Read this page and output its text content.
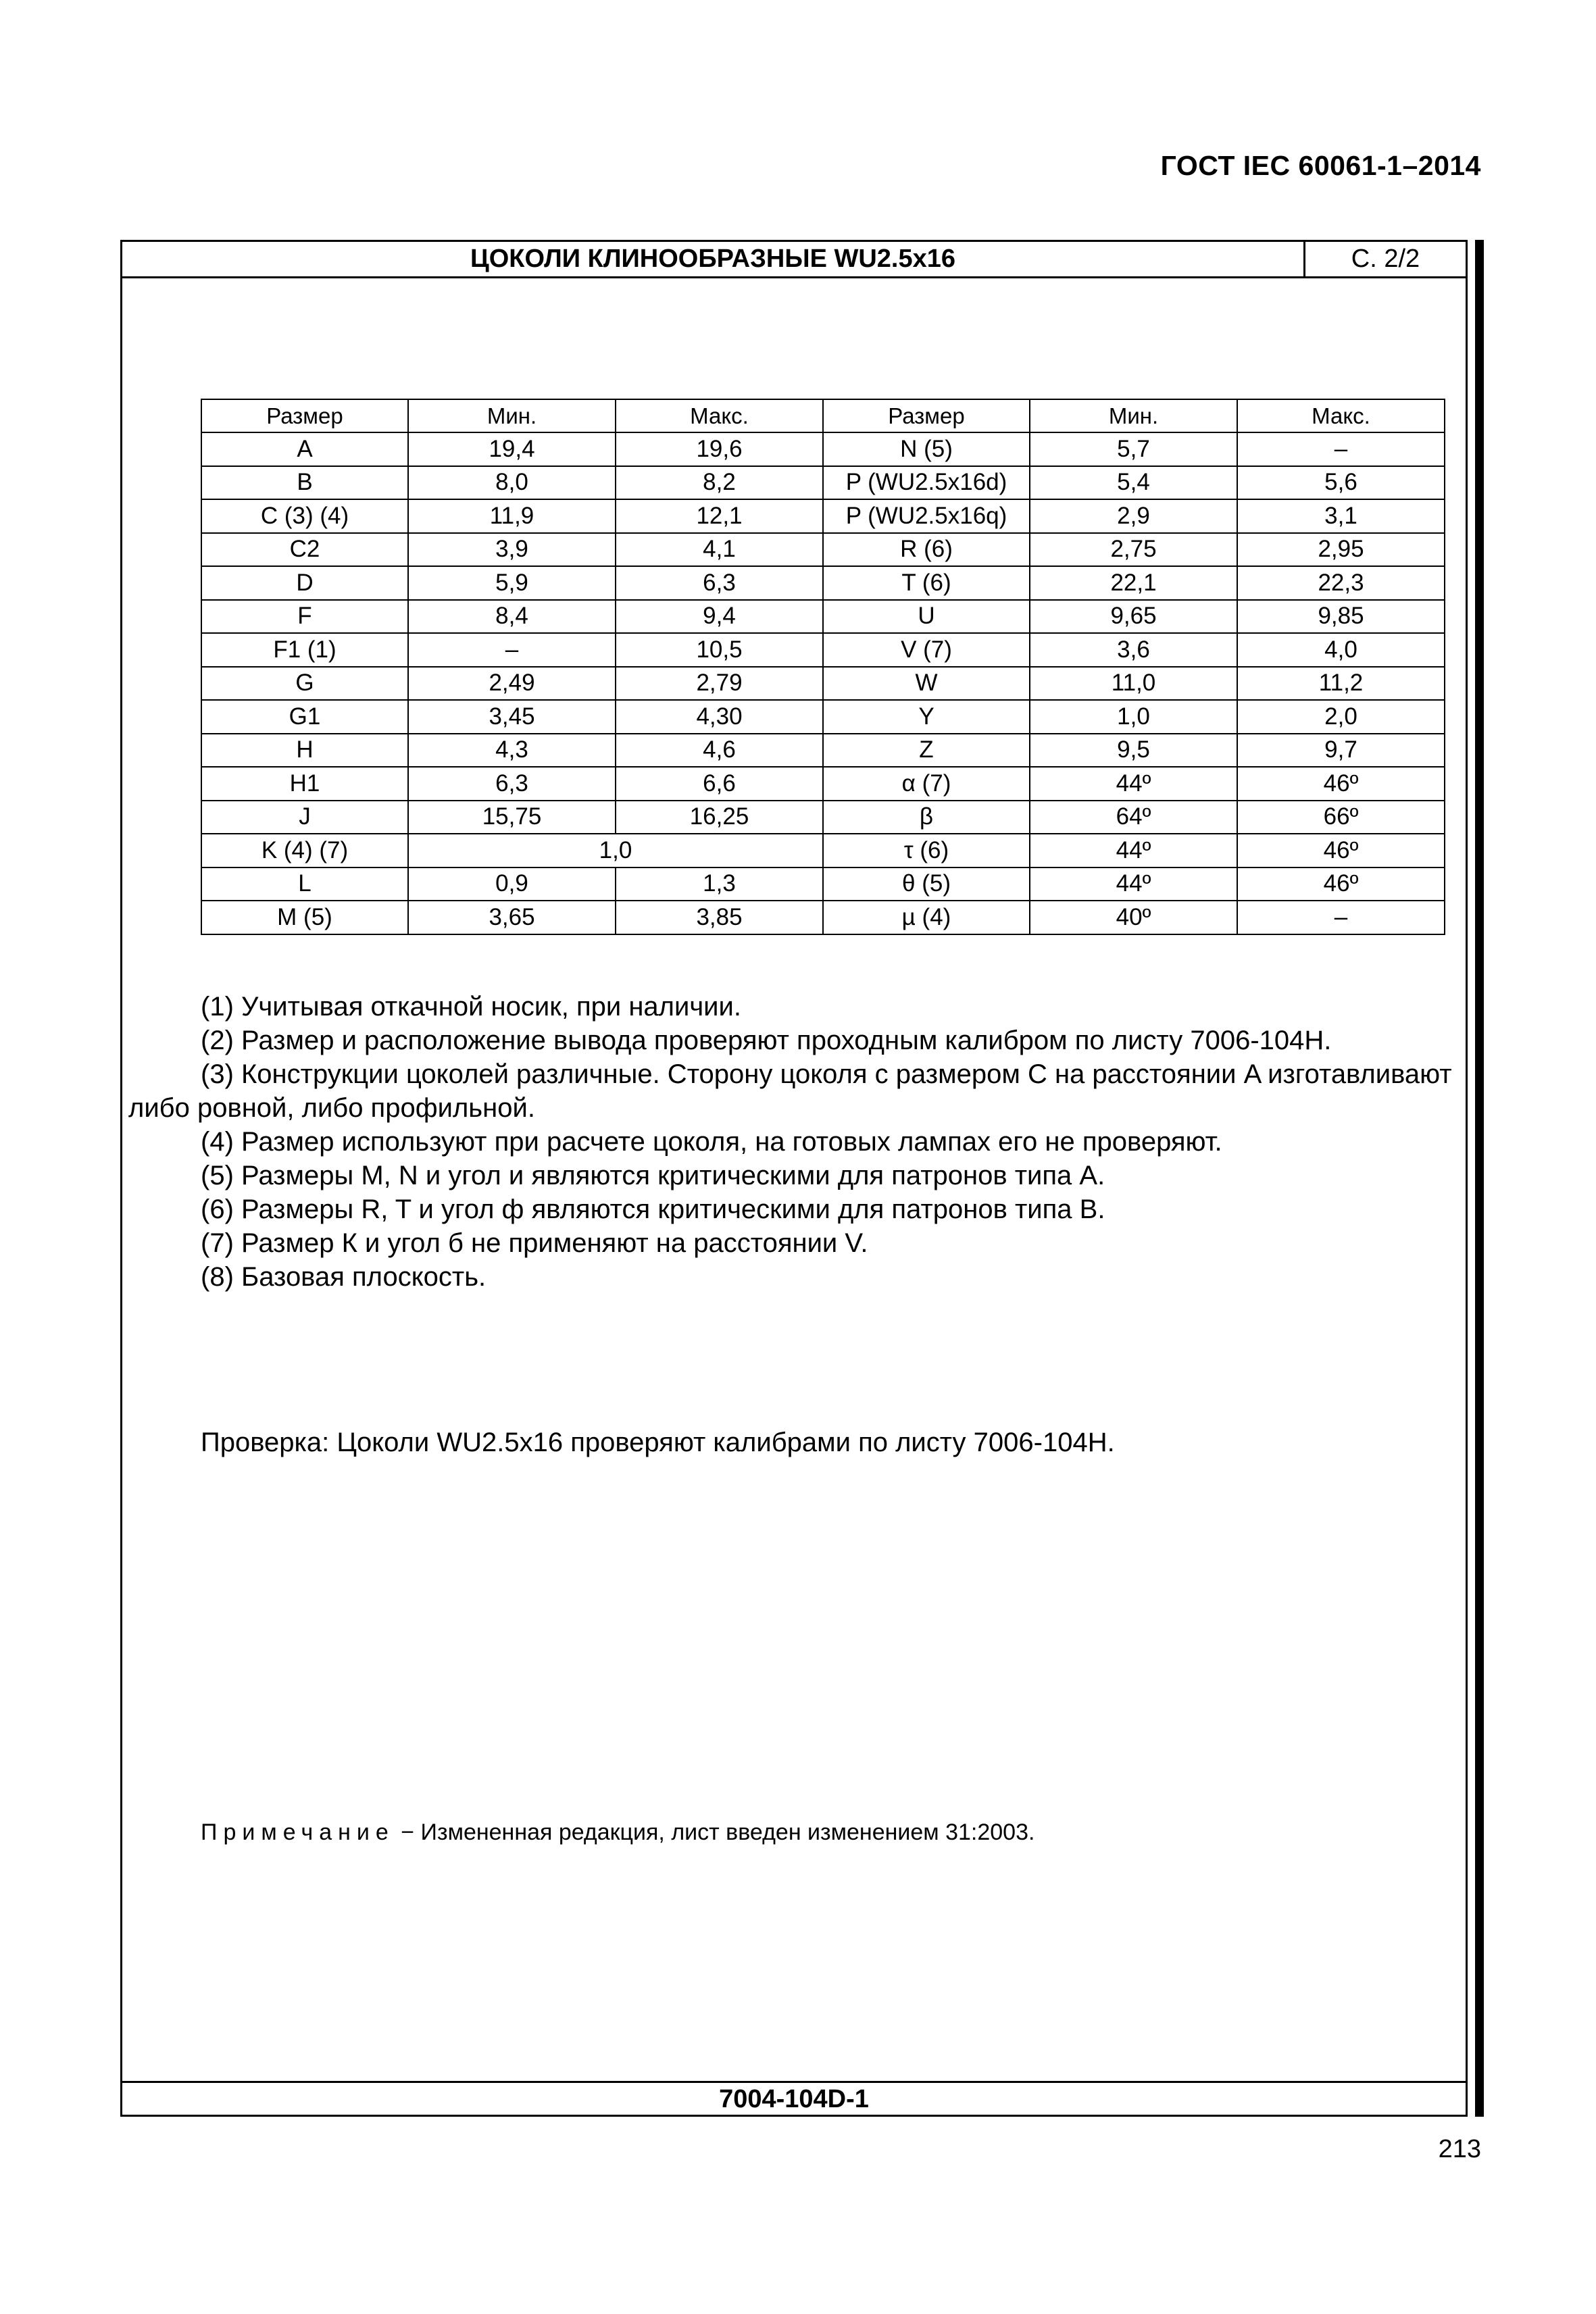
ГОСТ IEC 60061-1–2014
ЦОКОЛИ КЛИНООБРАЗНЫЕ WU2.5x16	С. 2/2
7004-104D-1
Размер	Мин.	Макс.	Размер	Мин.	Макс.
A	19,4	19,6	N (5)	5,7	–
B	8,0	8,2	P (WU2.5x16d)	5,4	5,6
C (3) (4)	11,9	12,1	P (WU2.5x16q)	2,9	3,1
C2	3,9	4,1	R (6)	2,75	2,95
D	5,9	6,3	T (6)	22,1	22,3
F	8,4	9,4	U	9,65	9,85
F1 (1)	–	10,5	V (7)	3,6	4,0
G	2,49	2,79	W	11,0	11,2
G1	3,45	4,30	Y	1,0	2,0
H	4,3	4,6	Z	9,5	9,7
H1	6,3	6,6	α (7)	44º	46º
J	15,75	16,25	β	64º	66º
K (4) (7)	1,0		τ (6)	44º	46º
L	0,9	1,3	θ (5)	44º	46º
M (5)	3,65	3,85	µ (4)	40º	–

(1) Учитывая откачной носик, при наличии.

(2) Размер и расположение вывода проверяют проходным калибром по листу 7006-104H.

(3) Конструкции цоколей различные. Сторону цоколя с размером C на расстоянии A изготавливают либо ровной, либо профильной.

(4) Размер используют при расчете цоколя, на готовых лампах его не проверяют.

(5) Размеры M, N и угол и являются критическими для патронов типа A.

(6) Размеры R, T и угол ф являются критическими для патронов типа B.

(7) Размер К и угол б не применяют на расстоянии V.

(8) Базовая плоскость.

Проверка: Цоколи WU2.5x16 проверяют калибрами по листу 7006-104H.
Примечание − Измененная редакция, лист введен изменением 31:2003.
213
